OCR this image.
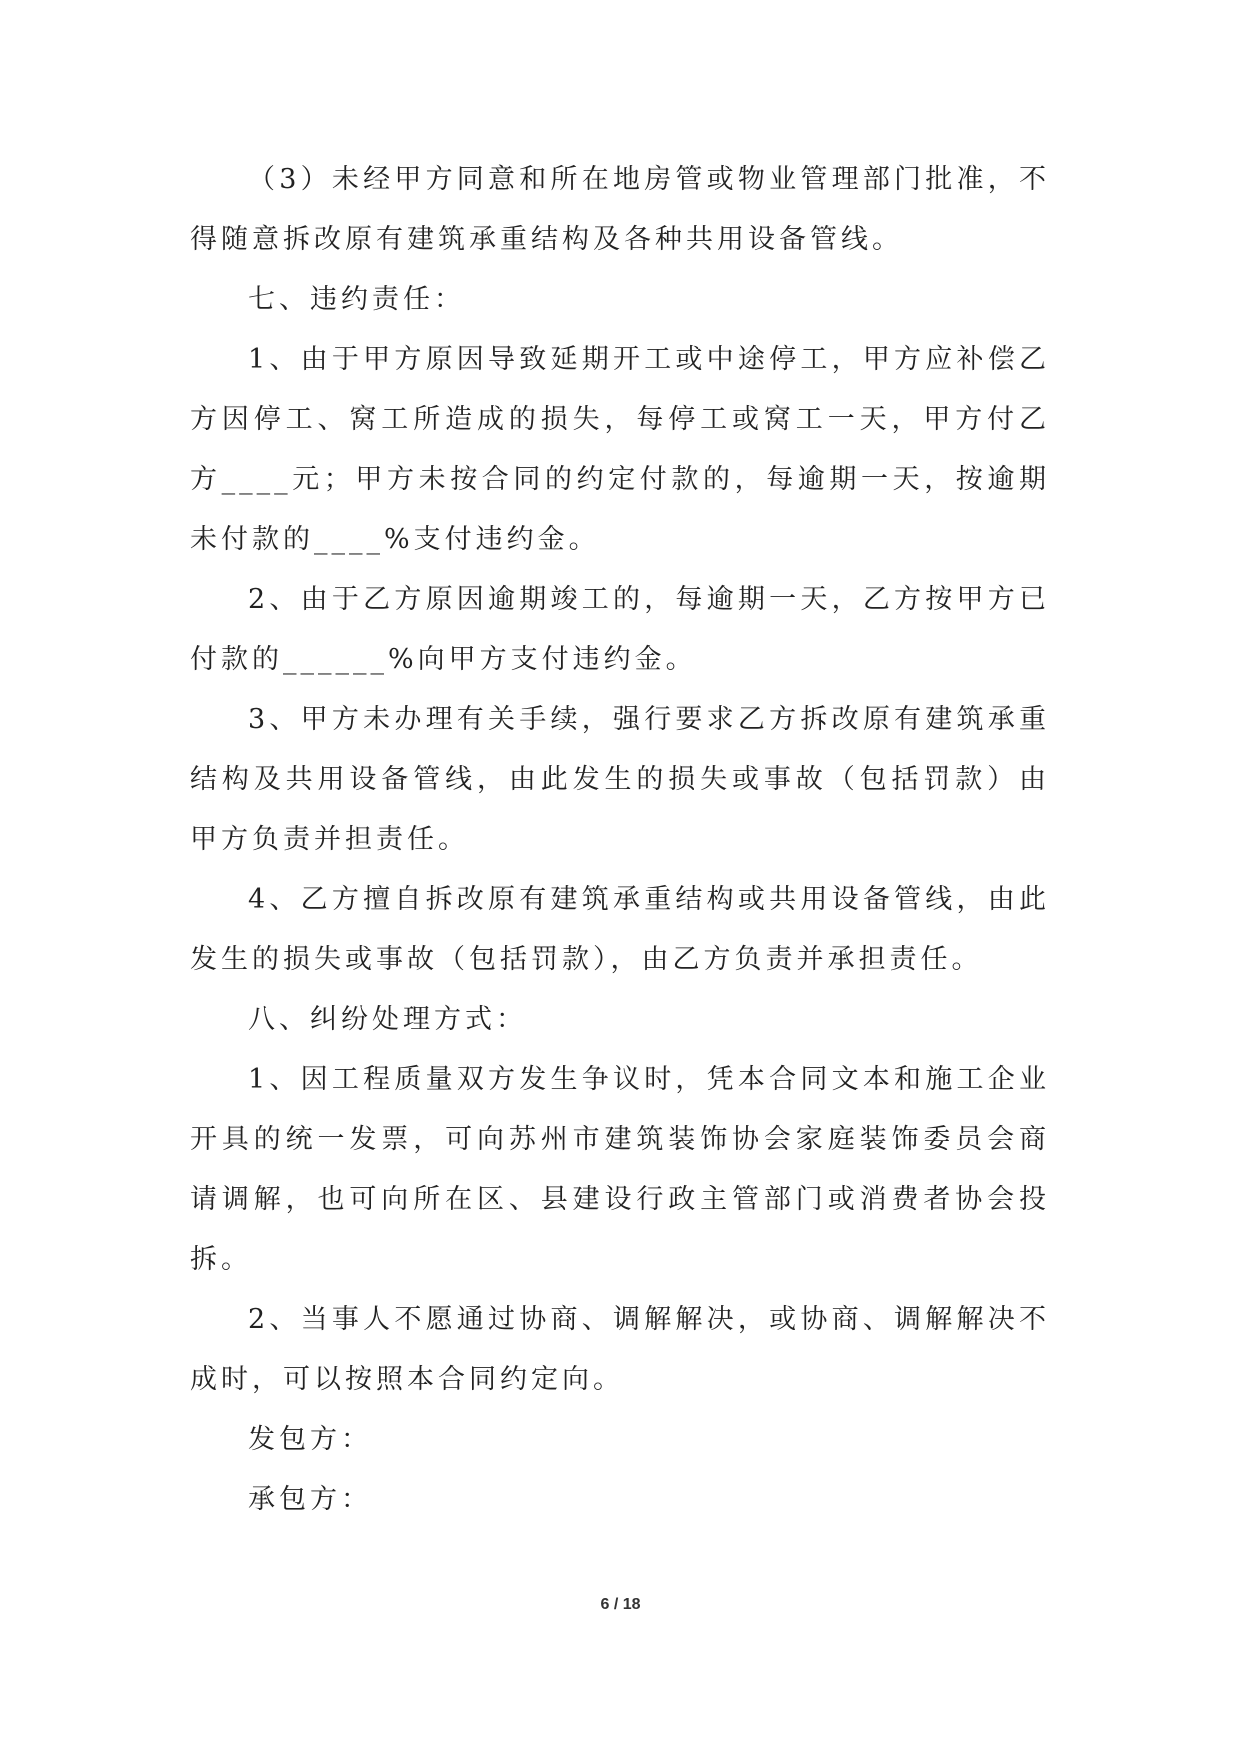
（3）未经甲方同意和所在地房管或物业管理部门批准，不得随意拆改原有建筑承重结构及各种共用设备管线。

七、违约责任：

1、由于甲方原因导致延期开工或中途停工，甲方应补偿乙方因停工、窝工所造成的损失，每停工或窝工一天，甲方付乙方____元；甲方未按合同的约定付款的，每逾期一天，按逾期未付款的____%支付违约金。

2、由于乙方原因逾期竣工的，每逾期一天，乙方按甲方已付款的______%向甲方支付违约金。

3、甲方未办理有关手续，强行要求乙方拆改原有建筑承重结构及共用设备管线，由此发生的损失或事故（包括罚款）由甲方负责并担责任。

4、乙方擅自拆改原有建筑承重结构或共用设备管线，由此发生的损失或事故（包括罚款），由乙方负责并承担责任。

八、纠纷处理方式：

1、因工程质量双方发生争议时，凭本合同文本和施工企业开具的统一发票，可向苏州市建筑装饰协会家庭装饰委员会商请调解，也可向所在区、县建设行政主管部门或消费者协会投拆。

2、当事人不愿通过协商、调解解决，或协商、调解解决不成时，可以按照本合同约定向。

发包方：

承包方：

6 / 18
